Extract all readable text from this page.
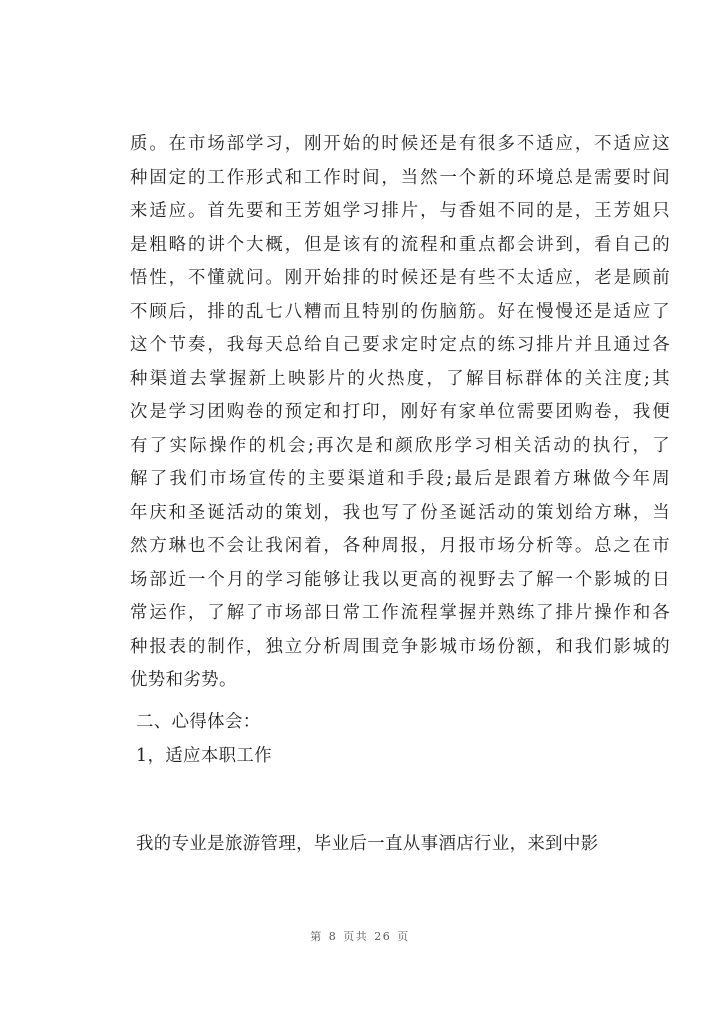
质。在市场部学习，刚开始的时候还是有很多不适应，不适应这
种固定的工作形式和工作时间，当然一个新的环境总是需要时间
来适应。首先要和王芳姐学习排片，与香姐不同的是，王芳姐只
是粗略的讲个大概，但是该有的流程和重点都会讲到，看自己的
悟性，不懂就问。刚开始排的时候还是有些不太适应，老是顾前
不顾后，排的乱七八糟而且特别的伤脑筋。好在慢慢还是适应了
这个节奏，我每天总给自己要求定时定点的练习排片并且通过各
种渠道去掌握新上映影片的火热度，了解目标群体的关注度;其
次是学习团购卷的预定和打印，刚好有家单位需要团购卷，我便
有了实际操作的机会;再次是和颜欣彤学习相关活动的执行，了
解了我们市场宣传的主要渠道和手段;最后是跟着方琳做今年周
年庆和圣诞活动的策划，我也写了份圣诞活动的策划给方琳，当
然方琳也不会让我闲着，各种周报，月报市场分析等。总之在市
场部近一个月的学习能够让我以更高的视野去了解一个影城的日
常运作，了解了市场部日常工作流程掌握并熟练了排片操作和各
种报表的制作，独立分析周围竞争影城市场份额，和我们影城的
优势和劣势。
二、心得体会：
1，适应本职工作
我的专业是旅游管理，毕业后一直从事酒店行业，来到中影
第 8 页共 26 页
